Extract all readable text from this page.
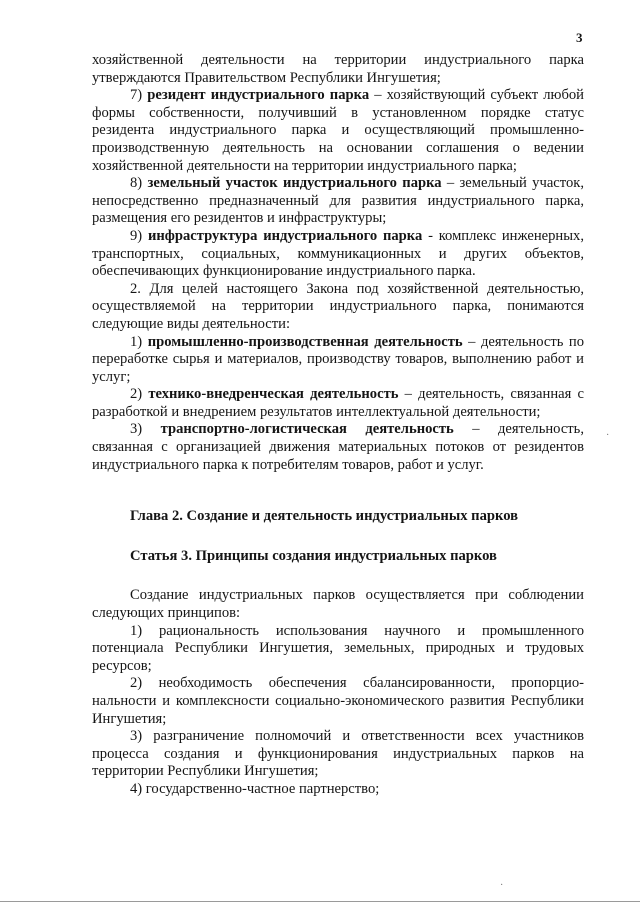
3

хозяйственной деятельности на территории индустриального парка утверждаются Правительством Республики Ингушетия;

7) резидент индустриального парка – хозяйствующий субъект любой формы собственности, получивший в установленном порядке статус резидента индустриального парка и осуществляющий промышленно-производственную деятельность на основании соглашения о ведении хозяйственной деятельности на территории индустриального парка;

8) земельный участок индустриального парка – земельный участок, непосредственно предназначенный для развития индустриального парка, размещения его резидентов и инфраструктуры;

9) инфраструктура индустриального парка - комплекс инженерных, транспортных, социальных, коммуникационных и других объектов, обеспечивающих функционирование индустриального парка.

2. Для целей настоящего Закона под хозяйственной деятельностью, осуществляемой на территории индустриального парка, понимаются следующие виды деятельности:

1) промышленно-производственная деятельность – деятельность по переработке сырья и материалов, производству товаров, выполнению работ и услуг;

2) технико-внедренческая деятельность – деятельность, связанная с разработкой и внедрением результатов интеллектуальной деятельности;

3) транспортно-логистическая деятельность – деятельность, связанная с организацией движения материальных потоков от резидентов индустриального парка к потребителям товаров, работ и услуг.

Глава 2. Создание и деятельность индустриальных парков

Статья 3. Принципы создания индустриальных парков

Создание индустриальных парков осуществляется при соблюдении следующих принципов:

1) рациональность использования научного и промышленного потенциала Республики Ингушетия, земельных, природных и трудовых ресурсов;

2) необходимость обеспечения сбалансированности, пропорциональности и комплексности социально-экономического развития Республики Ингушетия;

3) разграничение полномочий и ответственности всех участников процесса создания и функционирования индустриальных парков на территории Республики Ингушетия;

4) государственно-частное партнерство;

·
·
